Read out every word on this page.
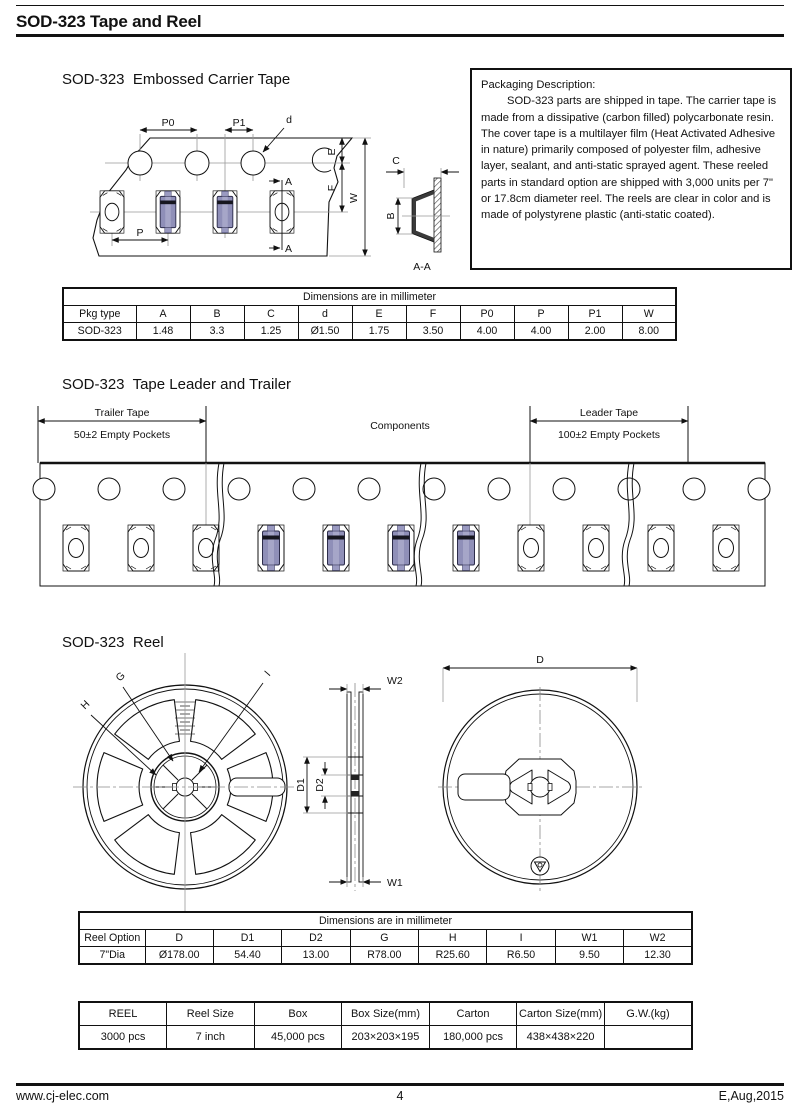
SOD-323 Tape and Reel
SOD-323  Embossed Carrier Tape	Packaging Description:
SOD-323 parts are shipped in tape. The carrier tape is made from a dissipative (carbon filled) polycarbonate resin. The cover tape is a multilayer film (Heat Activated Adhesive in nature) primarily composed of polyester film, adhesive layer, sealant, and anti-static sprayed agent. These reeled parts in standard option are shipped with 3,000 units per 7" or 17.8cm diameter reel. The reels are clear in color and is made of polystyrene plastic (anti-static coated).
P0	P1	d
P
E
F
W
A
A
C
B
A-A
Dimensions are in millimeter										
Pkg type	A	B	C	d	E	F	P0	P	P1	W
SOD-323	1.48	3.3	1.25	Ø1.50	1.75	3.50	4.00	4.00	2.00	8.00
SOD-323  Tape Leader and Trailer
Trailer Tape
50±2 Empty Pockets
Components
Leader Tape
100±2 Empty Pockets
SOD-323  Reel
G
H
I
W2
W1
D1 D2
D
Dimensions are in millimeter								
Reel Option	D	D1	D2	G	H	I	W1	W2
7"Dia	Ø178.00	54.40	13.00	R78.00	R25.60	R6.50	9.50	12.30
REEL	Reel Size	Box	Box Size(mm)	Carton	Carton Size(mm)	G.W.(kg)
3000 pcs	7 inch	45,000 pcs	203×203×195	180,000 pcs	438×438×220	
www.cj-elec.com	4	E,Aug,2015
